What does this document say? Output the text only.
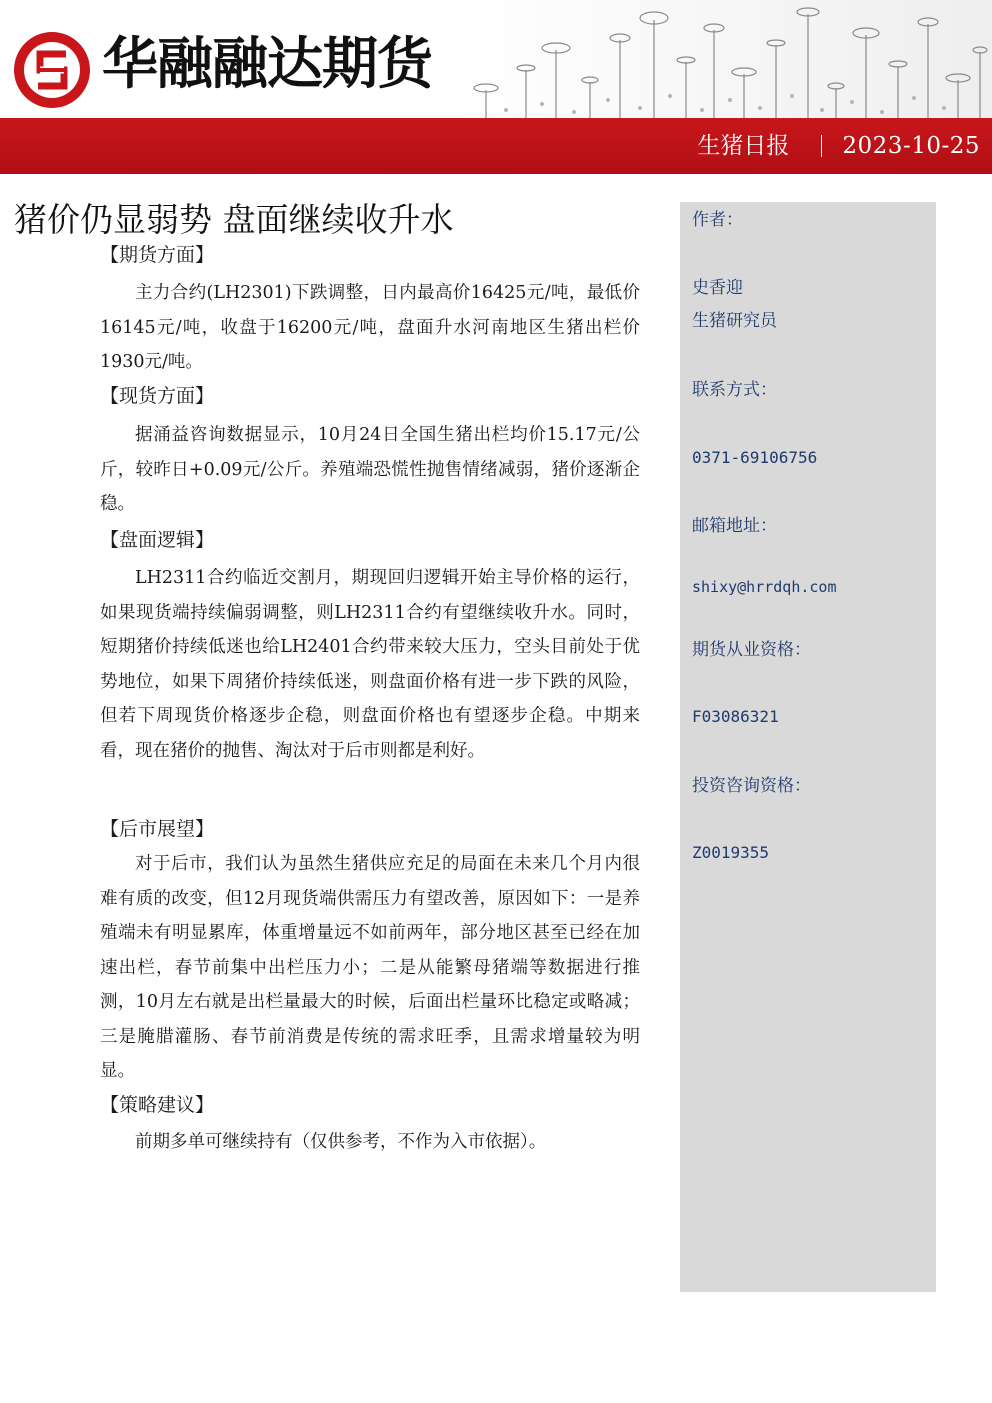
华融融达期货
生猪日报 2023-10-25
猪价仍显弱势 盘面继续收升水
【期货方面】

主力合约(LH2301)下跌调整，日内最高价16425元/吨，最低价16145元/吨，收盘于16200元/吨，盘面升水河南地区生猪出栏价1930元/吨。

【现货方面】

据涌益咨询数据显示，10月24日全国生猪出栏均价15.17元/公斤，较昨日+0.09元/公斤。养殖端恐慌性抛售情绪减弱，猪价逐渐企稳。

【盘面逻辑】

LH2311合约临近交割月，期现回归逻辑开始主导价格的运行，如果现货端持续偏弱调整，则LH2311合约有望继续收升水。同时，短期猪价持续低迷也给LH2401合约带来较大压力，空头目前处于优势地位，如果下周猪价持续低迷，则盘面价格有进一步下跌的风险，但若下周现货价格逐步企稳，则盘面价格也有望逐步企稳。中期来看，现在猪价的抛售、淘汰对于后市则都是利好。

【后市展望】

对于后市，我们认为虽然生猪供应充足的局面在未来几个月内很难有质的改变，但12月现货端供需压力有望改善，原因如下：一是养殖端未有明显累库，体重增量远不如前两年，部分地区甚至已经在加速出栏，春节前集中出栏压力小；二是从能繁母猪端等数据进行推测，10月左右就是出栏量最大的时候，后面出栏量环比稳定或略减；三是腌腊灌肠、春节前消费是传统的需求旺季，且需求增量较为明显。

【策略建议】

前期多单可继续持有（仅供参考，不作为入市依据）。

作者：
史香迎
生猪研究员
联系方式：
0371-69106756
邮箱地址：
shixy@hrrdqh.com
期货从业资格：
F03086321
投资咨询资格：
Z0019355
